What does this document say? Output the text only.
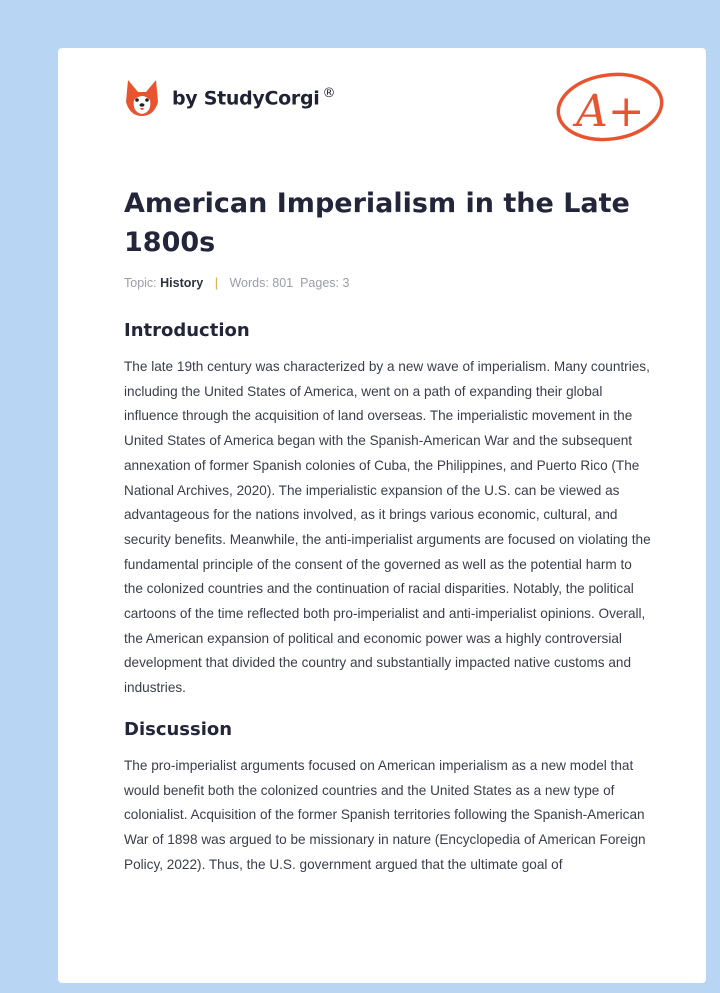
by StudyCorgi ®	A+
American Imperialism in the Late 1800s
Topic: History | Words: 801 Pages: 3
Introduction

The late 19th century was characterized by a new wave of imperialism. Many countries, including the United States of America, went on a path of expanding their global influence through the acquisition of land overseas. The imperialistic movement in the United States of America began with the Spanish-American War and the subsequent annexation of former Spanish colonies of Cuba, the Philippines, and Puerto Rico (The National Archives, 2020). The imperialistic expansion of the U.S. can be viewed as advantageous for the nations involved, as it brings various economic, cultural, and security benefits. Meanwhile, the anti-imperialist arguments are focused on violating the fundamental principle of the consent of the governed as well as the potential harm to the colonized countries and the continuation of racial disparities. Notably, the political cartoons of the time reflected both pro-imperialist and anti-imperialist opinions. Overall, the American expansion of political and economic power was a highly controversial development that divided the country and substantially impacted native customs and industries.

Discussion

The pro-imperialist arguments focused on American imperialism as a new model that would benefit both the colonized countries and the United States as a new type of colonialist. Acquisition of the former Spanish territories following the Spanish-American War of 1898 was argued to be missionary in nature (Encyclopedia of American Foreign Policy, 2022). Thus, the U.S. government argued that the ultimate goal of
